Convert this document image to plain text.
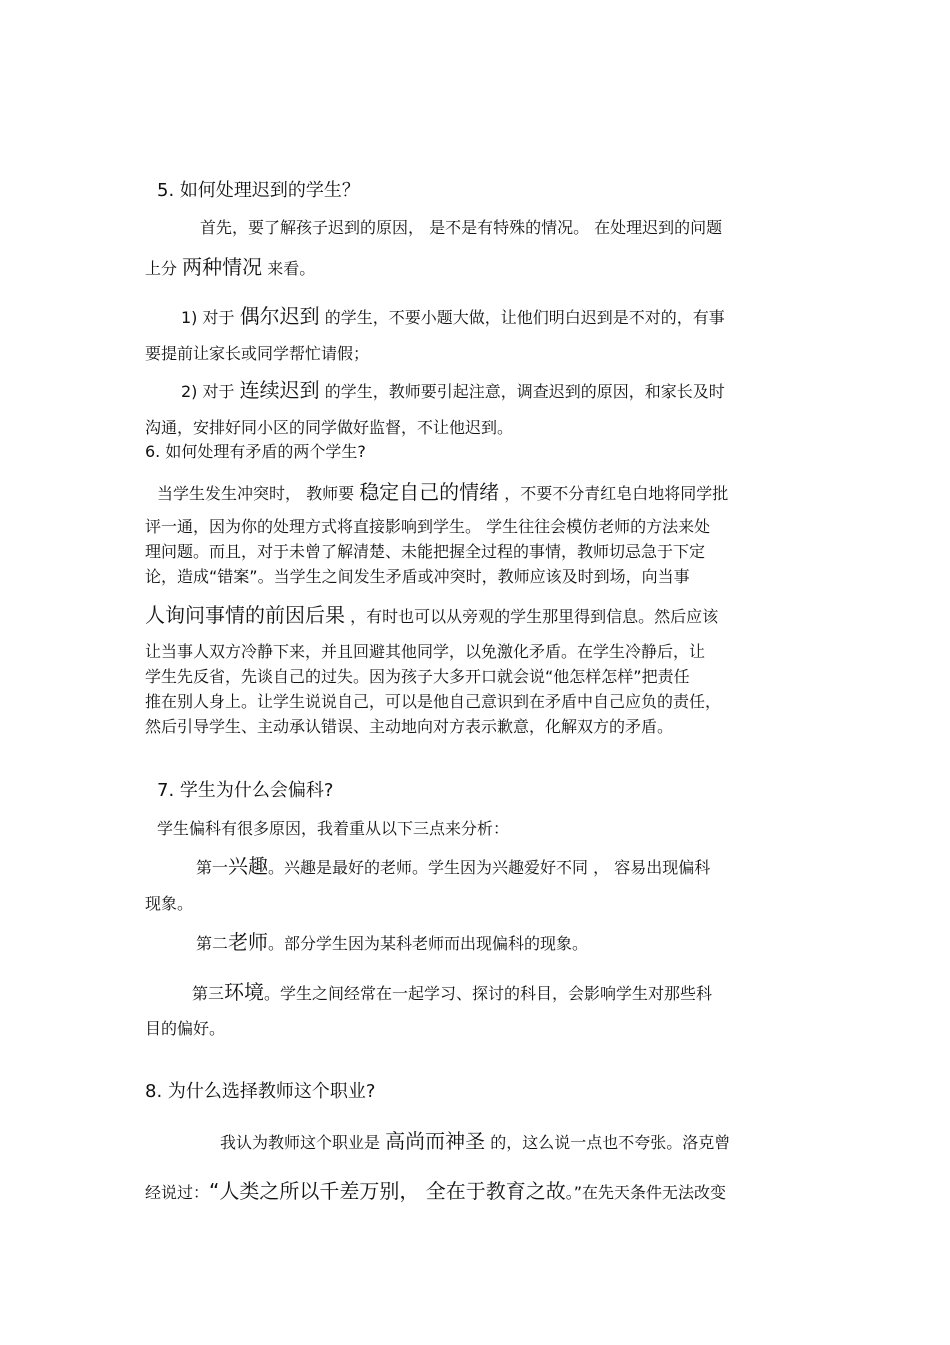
5. 如何处理迟到的学生？
首先，要了解孩子迟到的原因， 是不是有特殊的情况。 在处理迟到的问题
上分 两种情况 来看。
1) 对于 偶尔迟到 的学生，不要小题大做，让他们明白迟到是不对的，有事
要提前让家长或同学帮忙请假；
2) 对于 连续迟到 的学生，教师要引起注意，调查迟到的原因，和家长及时
沟通，安排好同小区的同学做好监督，不让他迟到。
6. 如何处理有矛盾的两个学生?
当学生发生冲突时， 教师要 稳定自己的情绪 ，不要不分青红皂白地将同学批
评一通，因为你的处理方式将直接影响到学生。 学生往往会模仿老师的方法来处
理问题。而且，对于未曾了解清楚、未能把握全过程的事情，教师切忌急于下定
论，造成“错案”。当学生之间发生矛盾或冲突时，教师应该及时到场，向当事
人询问事情的前因后果 ，有时也可以从旁观的学生那里得到信息。然后应该
让当事人双方冷静下来，并且回避其他同学，以免激化矛盾。在学生冷静后，让
学生先反省，先谈自己的过失。因为孩子大多开口就会说“他怎样怎样”把责任
推在别人身上。让学生说说自己，可以是他自己意识到在矛盾中自己应负的责任，
然后引导学生、主动承认错误、主动地向对方表示歉意，化解双方的矛盾。
7. 学生为什么会偏科?
学生偏科有很多原因，我着重从以下三点来分析：
第一兴趣。兴趣是最好的老师。学生因为兴趣爱好不同 ， 容易出现偏科
现象。
第二老师。部分学生因为某科老师而出现偏科的现象。
第三环境。学生之间经常在一起学习、探讨的科目，会影响学生对那些科
目的偏好。
8. 为什么选择教师这个职业?
我认为教师这个职业是 高尚而神圣 的，这么说一点也不夸张。洛克曾
经说过：“人类之所以千差万别， 全在于教育之故。”在先天条件无法改变
